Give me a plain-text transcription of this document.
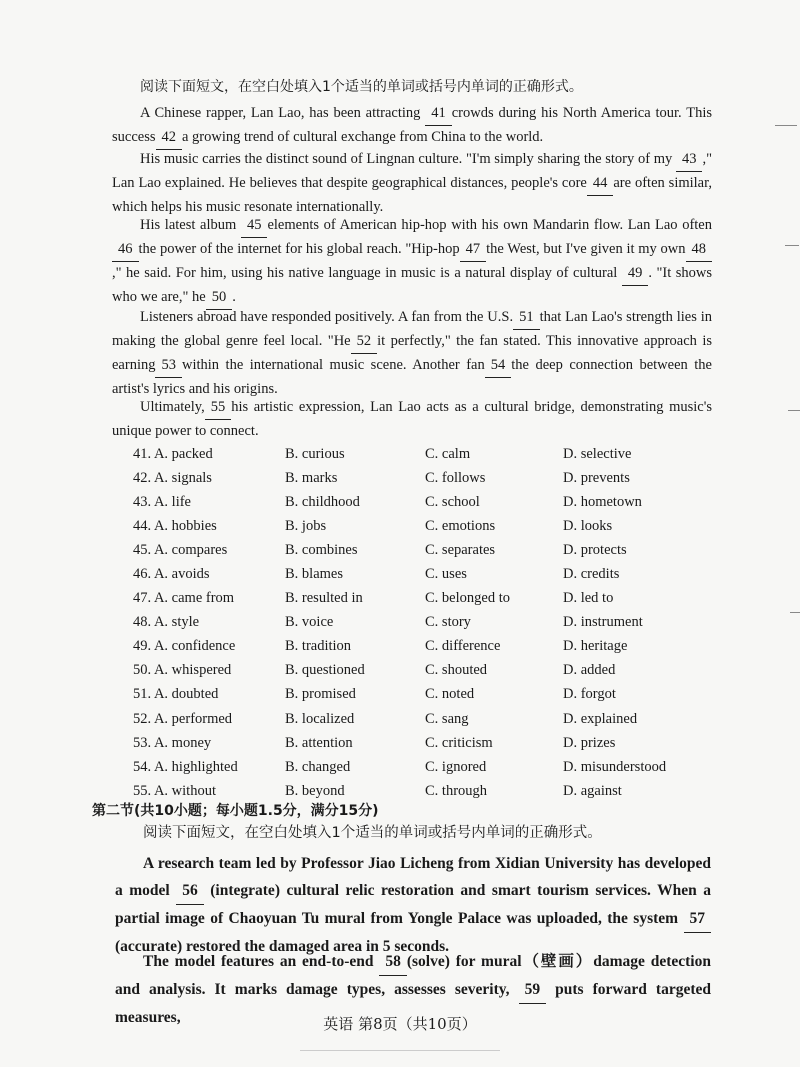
阅读下面短文，在空白处填入1个适当的单词或括号内单词的正确形式。
A Chinese rapper, Lan Lao, has been attracting 41 crowds during his North America tour. This success 42 a growing trend of cultural exchange from China to the world.
His music carries the distinct sound of Lingnan culture. "I'm simply sharing the story of my 43 ," Lan Lao explained. He believes that despite geographical distances, people's core 44 are often similar, which helps his music resonate internationally.
His latest album 45 elements of American hip-hop with his own Mandarin flow. Lan Lao often46 the power of the internet for his global reach. "Hip-hop 47 the West, but I've given it my own 48," he said. For him, using his native language in music is a natural display of cultural 49 . "It shows who we are," he 50 .
Listeners abroad have responded positively. A fan from the U.S. 51 that Lan Lao's strength lies in making the global genre feel local. "He 52 it perfectly," the fan stated. This innovative approach is earning 53 within the international music scene. Another fan 54 the deep connection between the artist's lyrics and his origins.
Ultimately, 55 his artistic expression, Lan Lao acts as a cultural bridge, demonstrating music's unique power to connect.
41. A. packed	B. curious	C. calm	D. selective
42. A. signals	B. marks	C. follows	D. prevents
43. A. life	B. childhood	C. school	D. hometown
44. A. hobbies	B. jobs	C. emotions	D. looks
45. A. compares	B. combines	C. separates	D. protects
46. A. avoids	B. blames	C. uses	D. credits
47. A. came from	B. resulted in	C. belonged to	D. led to
48. A. style	B. voice	C. story	D. instrument
49. A. confidence	B. tradition	C. difference	D. heritage
50. A. whispered	B. questioned	C. shouted	D. added
51. A. doubted	B. promised	C. noted	D. forgot
52. A. performed	B. localized	C. sang	D. explained
53. A. money	B. attention	C. criticism	D. prizes
54. A. highlighted	B. changed	C. ignored	D. misunderstood
55. A. without	B. beyond	C. through	D. against
第二节(共10小题；每小题1.5分，满分15分)
阅读下面短文，在空白处填入1个适当的单词或括号内单词的正确形式。
A research team led by Professor Jiao Licheng from Xidian University has developed a model 56 (integrate) cultural relic restoration and smart tourism services. When a partial image of Chaoyuan Tu mural from Yongle Palace was uploaded, the system 57(accurate) restored the damaged area in 5 seconds.
The model features an end-to-end 58 (solve) for mural（壁画）damage detection and analysis. It marks damage types, assesses severity, 59 puts forward targeted measures,	英语 第8页（共10页）
